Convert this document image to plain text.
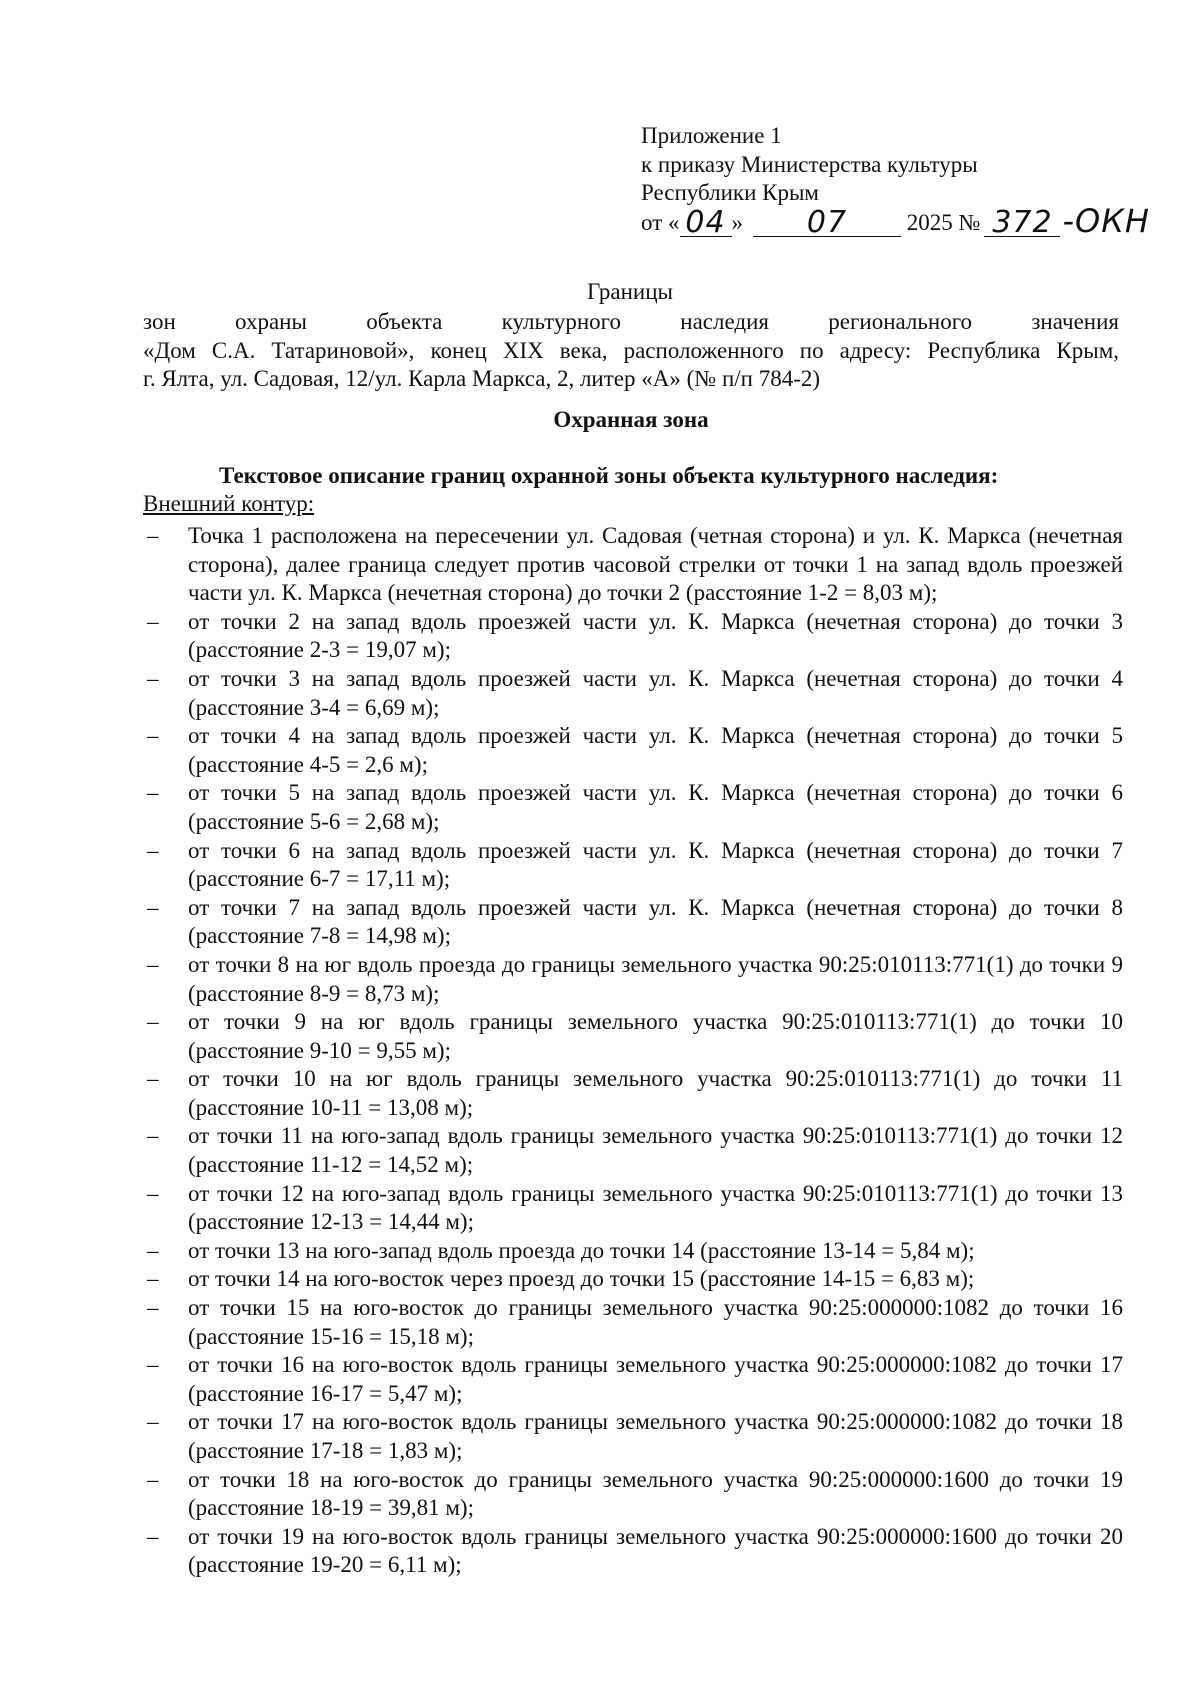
Приложение 1
к приказу Министерства культуры
Республики Крым
от « 04 » 07	2025 № 372 -ОКН
Границы
зон охраны объекта культурного наследия регионального значения
«Дом С.А. Татариновой», конец XIX века, расположенного по адресу: Республика Крым,
г. Ялта, ул. Садовая, 12/ул. Карла Маркса, 2, литер «А» (№ п/п 784-2)
Охранная зона
Текстовое описание границ охранной зоны объекта культурного наследия:
Внешний контур:
– Точка 1 расположена на пересечении ул. Садовая (четная сторона) и ул. К. Маркса (нечетная сторона), далее граница следует против часовой стрелки от точки 1 на запад вдоль проезжей части ул. К. Маркса (нечетная сторона) до точки 2 (расстояние 1-2 = 8,03 м);
– от точки 2 на запад вдоль проезжей части ул. К. Маркса (нечетная сторона) до точки 3 (расстояние 2-3 = 19,07 м);
– от точки 3 на запад вдоль проезжей части ул. К. Маркса (нечетная сторона) до точки 4 (расстояние 3-4 = 6,69 м);
– от точки 4 на запад вдоль проезжей части ул. К. Маркса (нечетная сторона) до точки 5 (расстояние 4-5 = 2,6 м);
– от точки 5 на запад вдоль проезжей части ул. К. Маркса (нечетная сторона) до точки 6 (расстояние 5-6 = 2,68 м);
– от точки 6 на запад вдоль проезжей части ул. К. Маркса (нечетная сторона) до точки 7 (расстояние 6-7 = 17,11 м);
– от точки 7 на запад вдоль проезжей части ул. К. Маркса (нечетная сторона) до точки 8 (расстояние 7-8 = 14,98 м);
– от точки 8 на юг вдоль проезда до границы земельного участка 90:25:010113:771(1) до точки 9 (расстояние 8-9 = 8,73 м);
– от точки 9 на юг вдоль границы земельного участка 90:25:010113:771(1) до точки 10 (расстояние 9-10 = 9,55 м);
– от точки 10 на юг вдоль границы земельного участка 90:25:010113:771(1) до точки 11 (расстояние 10-11 = 13,08 м);
– от точки 11 на юго-запад вдоль границы земельного участка 90:25:010113:771(1) до точки 12 (расстояние 11-12 = 14,52 м);
– от точки 12 на юго-запад вдоль границы земельного участка 90:25:010113:771(1) до точки 13 (расстояние 12-13 = 14,44 м);
– от точки 13 на юго-запад вдоль проезда до точки 14 (расстояние 13-14 = 5,84 м);
– от точки 14 на юго-восток через проезд до точки 15 (расстояние 14-15 = 6,83 м);
– от точки 15 на юго-восток до границы земельного участка 90:25:000000:1082 до точки 16 (расстояние 15-16 = 15,18 м);
– от точки 16 на юго-восток вдоль границы земельного участка 90:25:000000:1082 до точки 17 (расстояние 16-17 = 5,47 м);
– от точки 17 на юго-восток вдоль границы земельного участка 90:25:000000:1082 до точки 18 (расстояние 17-18 = 1,83 м);
– от точки 18 на юго-восток до границы земельного участка 90:25:000000:1600 до точки 19 (расстояние 18-19 = 39,81 м);
– от точки 19 на юго-восток вдоль границы земельного участка 90:25:000000:1600 до точки 20 (расстояние 19-20 = 6,11 м);
